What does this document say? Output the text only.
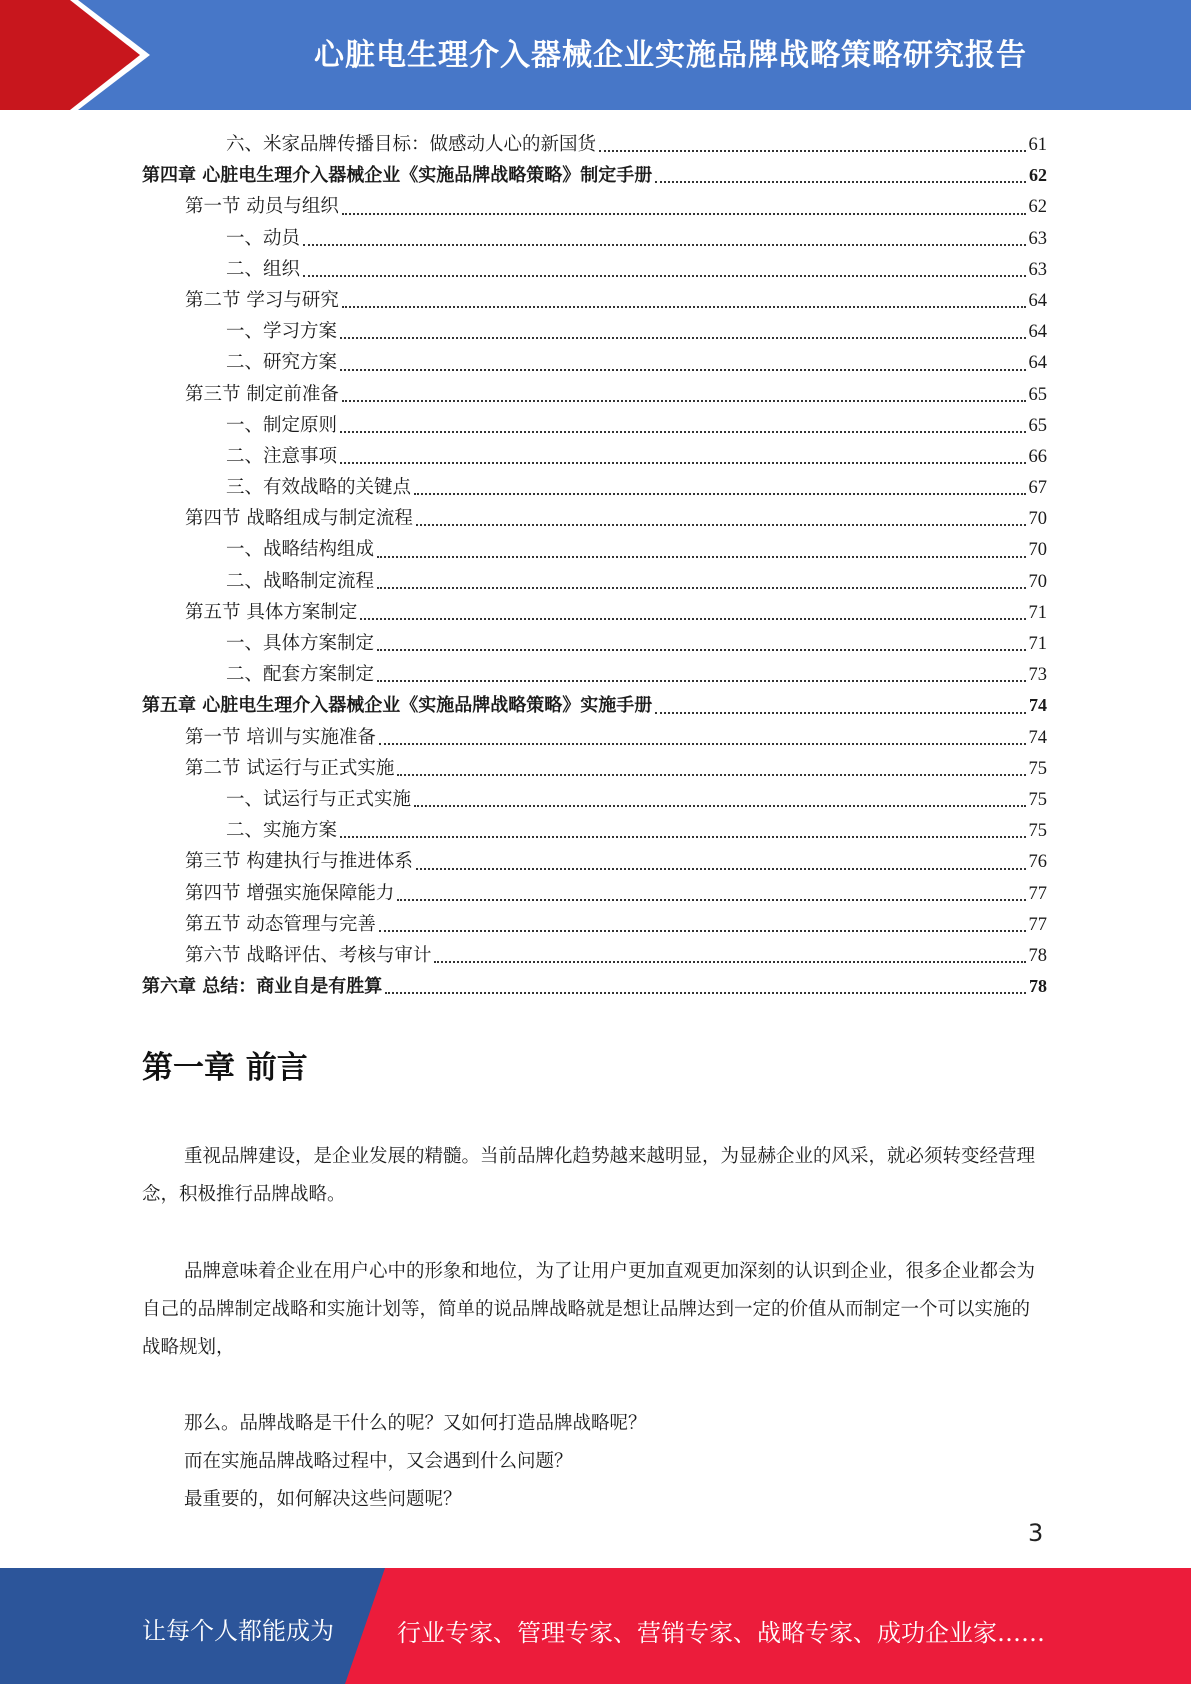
心脏电生理介入器械企业实施品牌战略策略研究报告
六、米家品牌传播目标：做感动人心的新国货	61
第四章 心脏电生理介入器械企业《实施品牌战略策略》制定手册	62
第一节 动员与组织	62
一、动员	63
二、组织	63
第二节 学习与研究	64
一、学习方案	64
二、研究方案	64
第三节 制定前准备	65
一、制定原则	65
二、注意事项	66
三、有效战略的关键点	67
第四节 战略组成与制定流程	70
一、战略结构组成	70
二、战略制定流程	70
第五节 具体方案制定	71
一、具体方案制定	71
二、配套方案制定	73
第五章 心脏电生理介入器械企业《实施品牌战略策略》实施手册	74
第一节 培训与实施准备	74
第二节 试运行与正式实施	75
一、试运行与正式实施	75
二、实施方案	75
第三节 构建执行与推进体系	76
第四节 增强实施保障能力	77
第五节 动态管理与完善	77
第六节 战略评估、考核与审计	78
第六章 总结：商业自是有胜算	78
第一章 前言
重视品牌建设，是企业发展的精髓。当前品牌化趋势越来越明显，为显赫企业的风采，就必须转变经营理念，积极推行品牌战略。
品牌意味着企业在用户心中的形象和地位，为了让用户更加直观更加深刻的认识到企业，很多企业都会为自己的品牌制定战略和实施计划等，简单的说品牌战略就是想让品牌达到一定的价值从而制定一个可以实施的战略规划，
那么。品牌战略是干什么的呢？又如何打造品牌战略呢？
而在实施品牌战略过程中，又会遇到什么问题？
最重要的，如何解决这些问题呢？
3
让每个人都能成为	行业专家、管理专家、营销专家、战略专家、成功企业家……
